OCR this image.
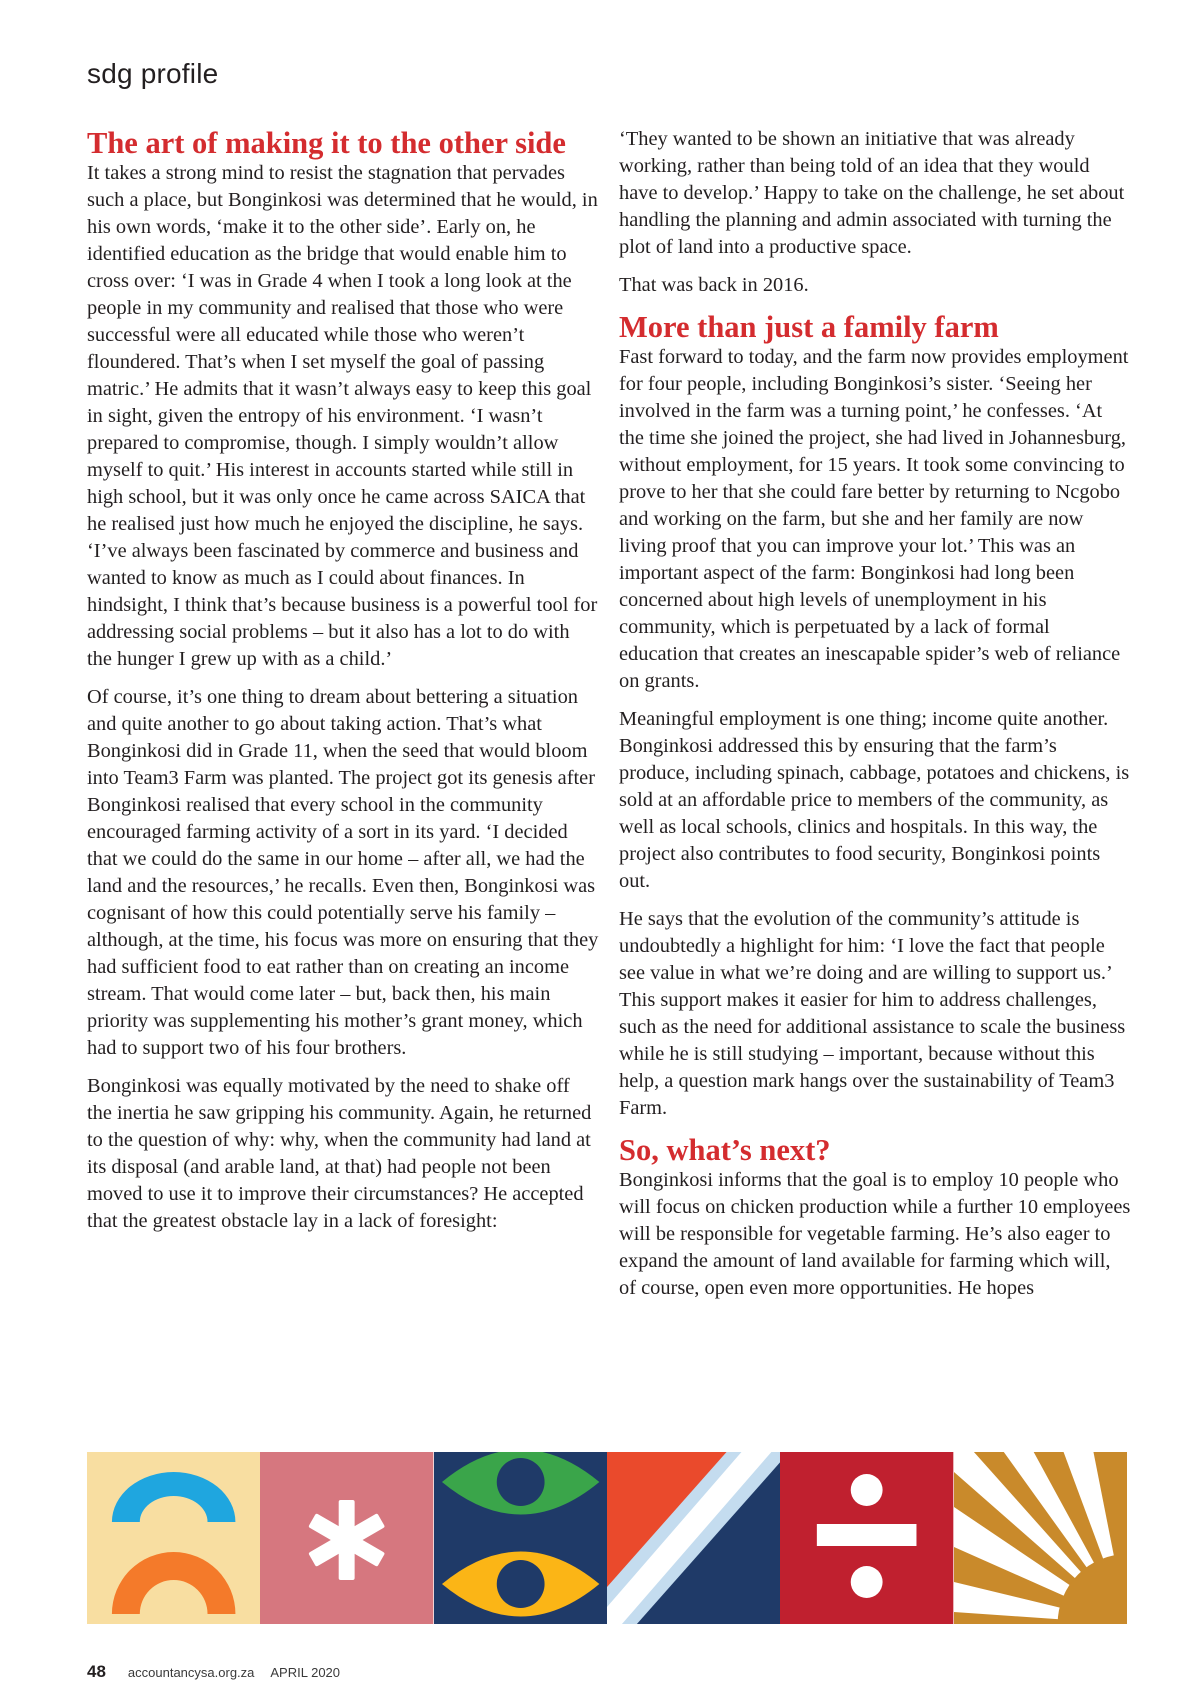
sdg profile
The art of making it to the other side

It takes a strong mind to resist the stagnation that pervades such a place, but Bonginkosi was determined that he would, in his own words, ‘make it to the other side’. Early on, he identified education as the bridge that would enable him to cross over: ‘I was in Grade 4 when I took a long look at the people in my community and realised that those who were successful were all educated while those who weren’t floundered. That’s when I set myself the goal of passing matric.’ He admits that it wasn’t always easy to keep this goal in sight, given the entropy of his environment. ‘I wasn’t prepared to compromise, though. I simply wouldn’t allow myself to quit.’ His interest in accounts started while still in high school, but it was only once he came across SAICA that he realised just how much he enjoyed the discipline, he says. ‘I’ve always been fascinated by commerce and business and wanted to know as much as I could about finances. In hindsight, I think that’s because business is a powerful tool for addressing social problems – but it also has a lot to do with the hunger I grew up with as a child.’

Of course, it’s one thing to dream about bettering a situation and quite another to go about taking action. That’s what Bonginkosi did in Grade 11, when the seed that would bloom into Team3 Farm was planted. The project got its genesis after Bonginkosi realised that every school in the community encouraged farming activity of a sort in its yard. ‘I decided that we could do the same in our home – after all, we had the land and the resources,’ he recalls. Even then, Bonginkosi was cognisant of how this could potentially serve his family – although, at the time, his focus was more on ensuring that they had sufficient food to eat rather than on creating an income stream. That would come later – but, back then, his main priority was supplementing his mother’s grant money, which had to support two of his four brothers.

Bonginkosi was equally motivated by the need to shake off the inertia he saw gripping his community. Again, he returned to the question of why: why, when the community had land at its disposal (and arable land, at that) had people not been moved to use it to improve their circumstances? He accepted that the greatest obstacle lay in a lack of foresight:

‘They wanted to be shown an initiative that was already working, rather than being told of an idea that they would have to develop.’ Happy to take on the challenge, he set about handling the planning and admin associated with turning the plot of land into a productive space.

That was back in 2016.

More than just a family farm

Fast forward to today, and the farm now provides employment for four people, including Bonginkosi’s sister. ‘Seeing her involved in the farm was a turning point,’ he confesses. ‘At the time she joined the project, she had lived in Johannesburg, without employment, for 15 years. It took some convincing to prove to her that she could fare better by returning to Ncgobo and working on the farm, but she and her family are now living proof that you can improve your lot.’ This was an important aspect of the farm: Bonginkosi had long been concerned about high levels of unemployment in his community, which is perpetuated by a lack of formal education that creates an inescapable spider’s web of reliance on grants.

Meaningful employment is one thing; income quite another. Bonginkosi addressed this by ensuring that the farm’s produce, including spinach, cabbage, potatoes and chickens, is sold at an affordable price to members of the community, as well as local schools, clinics and hospitals. In this way, the project also contributes to food security, Bonginkosi points out.

He says that the evolution of the community’s attitude is undoubtedly a highlight for him: ‘I love the fact that people see value in what we’re doing and are willing to support us.’ This support makes it easier for him to address challenges, such as the need for additional assistance to scale the business while he is still studying – important, because without this help, a question mark hangs over the sustainability of Team3 Farm.

So, what’s next?

Bonginkosi informs that the goal is to employ 10 people who will focus on chicken production while a further 10 employees will be responsible for vegetable farming. He’s also eager to expand the amount of land available for farming which will, of course, open even more opportunities. He hopes

48 accountancysa.org.za APRIL 2020
